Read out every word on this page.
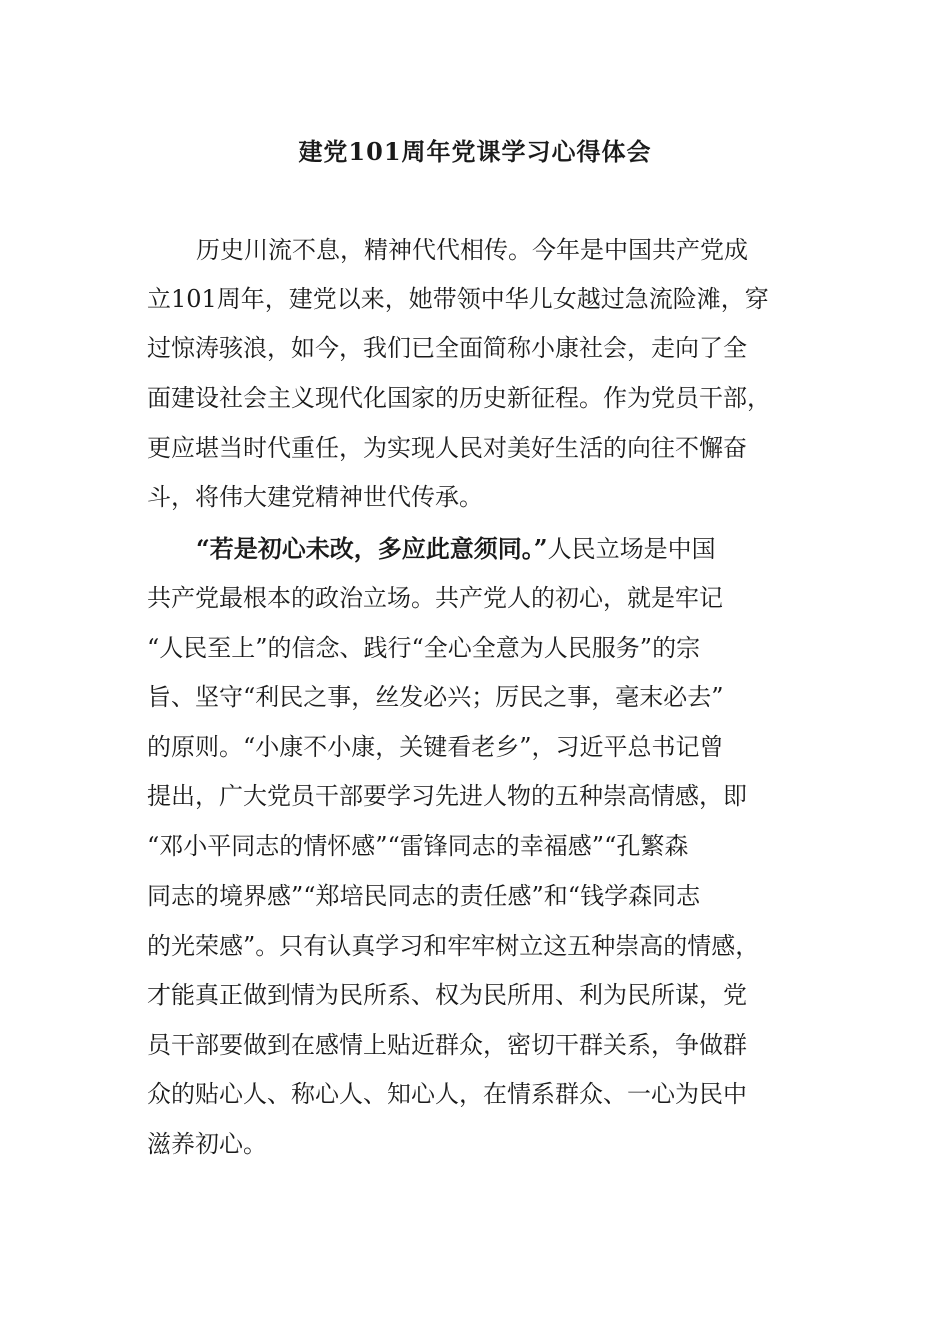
建党101周年党课学习心得体会

历史川流不息，精神代代相传。今年是中国共产党成

立101周年，建党以来，她带领中华儿女越过急流险滩，穿

过惊涛骇浪，如今，我们已全面简称小康社会，走向了全

面建设社会主义现代化国家的历史新征程。作为党员干部，

更应堪当时代重任，为实现人民对美好生活的向往不懈奋

斗，将伟大建党精神世代传承。

“若是初心未改，多应此意须同。”人民立场是中国

共产党最根本的政治立场。共产党人的初心，就是牢记

“人民至上”的信念、践行“全心全意为人民服务”的宗

旨、坚守“利民之事，丝发必兴；厉民之事，毫末必去”

的原则。“小康不小康，关键看老乡”，习近平总书记曾

提出，广大党员干部要学习先进人物的五种崇高情感，即

“邓小平同志的情怀感”“雷锋同志的幸福感”“孔繁森

同志的境界感”“郑培民同志的责任感”和“钱学森同志

的光荣感”。只有认真学习和牢牢树立这五种崇高的情感，

才能真正做到情为民所系、权为民所用、利为民所谋，党

员干部要做到在感情上贴近群众，密切干群关系，争做群

众的贴心人、称心人、知心人，在情系群众、一心为民中

滋养初心。
